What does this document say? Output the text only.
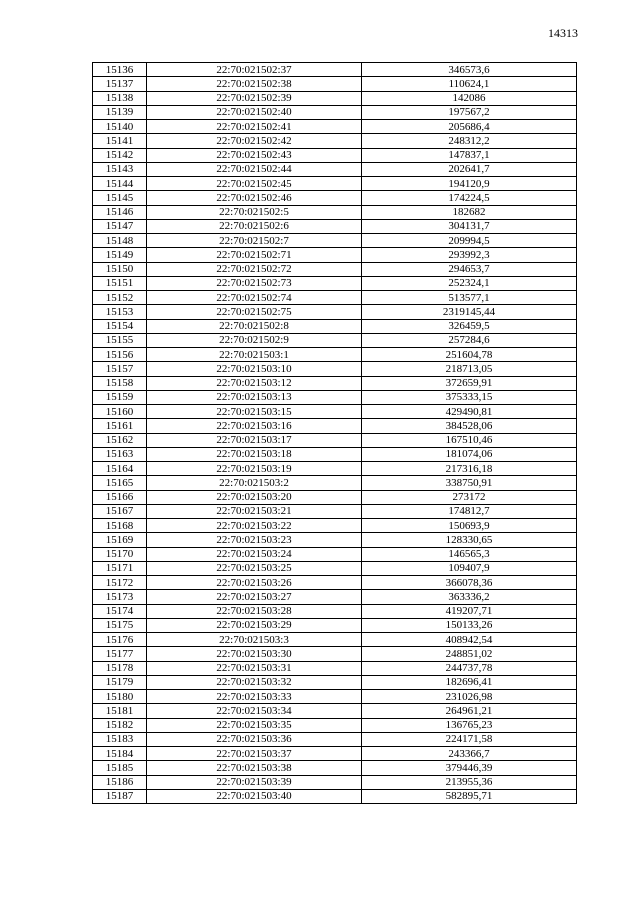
14313
15136	22:70:021502:37	346573,6
15137	22:70:021502:38	110624,1
15138	22:70:021502:39	142086
15139	22:70:021502:40	197567,2
15140	22:70:021502:41	205686,4
15141	22:70:021502:42	248312,2
15142	22:70:021502:43	147837,1
15143	22:70:021502:44	202641,7
15144	22:70:021502:45	194120,9
15145	22:70:021502:46	174224,5
15146	22:70:021502:5	182682
15147	22:70:021502:6	304131,7
15148	22:70:021502:7	209994,5
15149	22:70:021502:71	293992,3
15150	22:70:021502:72	294653,7
15151	22:70:021502:73	252324,1
15152	22:70:021502:74	513577,1
15153	22:70:021502:75	2319145,44
15154	22:70:021502:8	326459,5
15155	22:70:021502:9	257284,6
15156	22:70:021503:1	251604,78
15157	22:70:021503:10	218713,05
15158	22:70:021503:12	372659,91
15159	22:70:021503:13	375333,15
15160	22:70:021503:15	429490,81
15161	22:70:021503:16	384528,06
15162	22:70:021503:17	167510,46
15163	22:70:021503:18	181074,06
15164	22:70:021503:19	217316,18
15165	22:70:021503:2	338750,91
15166	22:70:021503:20	273172
15167	22:70:021503:21	174812,7
15168	22:70:021503:22	150693,9
15169	22:70:021503:23	128330,65
15170	22:70:021503:24	146565,3
15171	22:70:021503:25	109407,9
15172	22:70:021503:26	366078,36
15173	22:70:021503:27	363336,2
15174	22:70:021503:28	419207,71
15175	22:70:021503:29	150133,26
15176	22:70:021503:3	408942,54
15177	22:70:021503:30	248851,02
15178	22:70:021503:31	244737,78
15179	22:70:021503:32	182696,41
15180	22:70:021503:33	231026,98
15181	22:70:021503:34	264961,21
15182	22:70:021503:35	136765,23
15183	22:70:021503:36	224171,58
15184	22:70:021503:37	243366,7
15185	22:70:021503:38	379446,39
15186	22:70:021503:39	213955,36
15187	22:70:021503:40	582895,71
